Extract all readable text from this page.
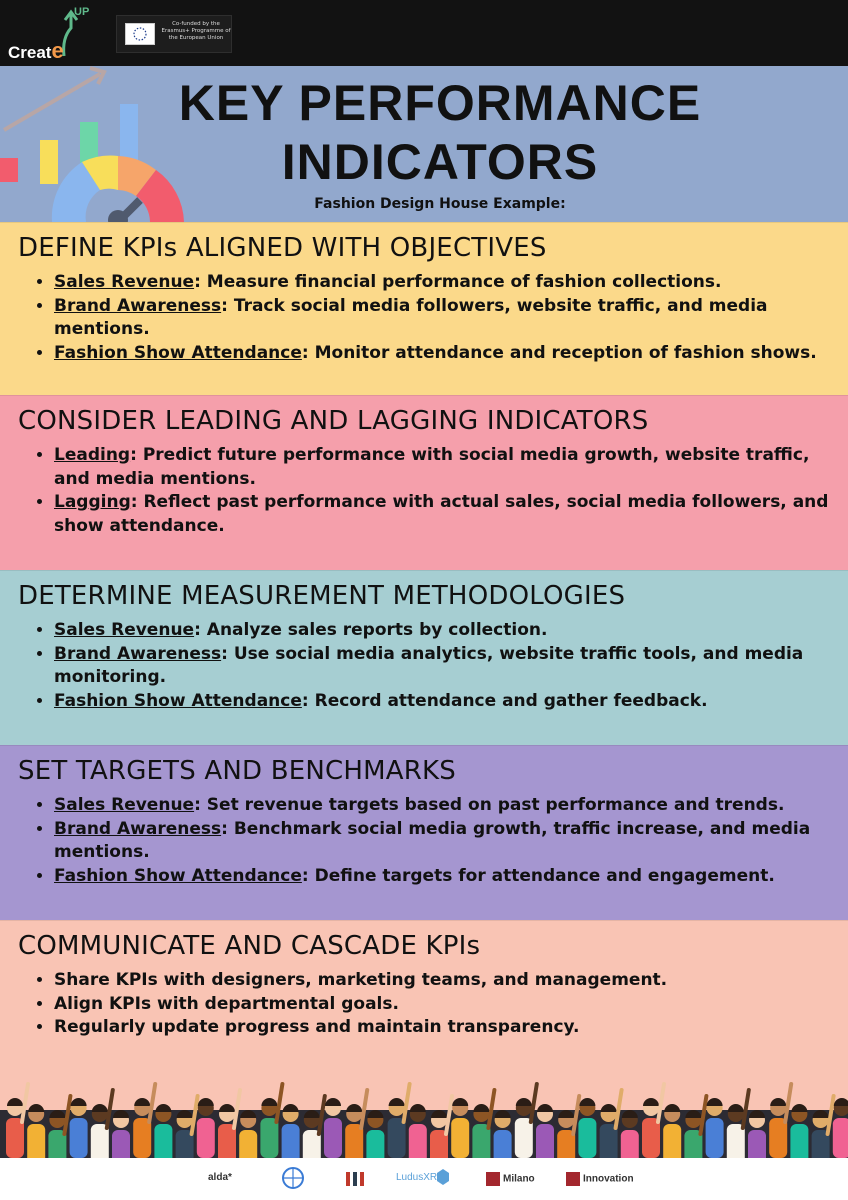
Create
UP
Co-funded by the Erasmus+ Programme of the European Union
KEY PERFORMANCE
INDICATORS
Fashion Design House Example:
DEFINE KPIs ALIGNED WITH OBJECTIVES
• Sales Revenue: Measure financial performance of fashion collections.
• Brand Awareness: Track social media followers, website traffic, and media mentions.
• Fashion Show Attendance: Monitor attendance and reception of fashion shows.
CONSIDER LEADING AND LAGGING INDICATORS
• Leading: Predict future performance with social media growth, website traffic, and media mentions.
• Lagging: Reflect past performance with actual sales, social media followers, and show attendance.
DETERMINE MEASUREMENT METHODOLOGIES
• Sales Revenue: Analyze sales reports by collection.
• Brand Awareness: Use social media analytics, website traffic tools, and media monitoring.
• Fashion Show Attendance: Record attendance and gather feedback.
SET TARGETS AND BENCHMARKS
• Sales Revenue: Set revenue targets based on past performance and trends.
• Brand Awareness: Benchmark social media growth, traffic increase, and media mentions.
• Fashion Show Attendance: Define targets for attendance and engagement.
COMMUNICATE AND CASCADE KPIs
• Share KPIs with designers, marketing teams, and management.
• Align KPIs with departmental goals.
• Regularly update progress and maintain transparency.
alda*	LudusXR	Milano	Innovation
